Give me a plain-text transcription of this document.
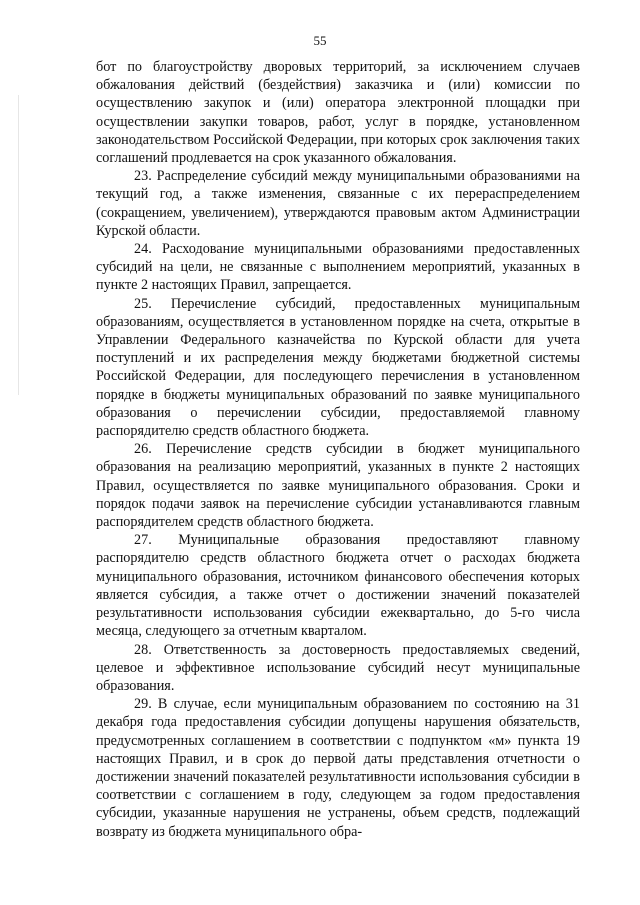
55

бот по благоустройству дворовых территорий, за исключением случаев обжалования действий (бездействия) заказчика и (или) комиссии по осуществлению закупок и (или) оператора электронной площадки при осуществлении закупки товаров, работ, услуг в порядке, установленном законодательством Российской Федерации, при которых срок заключения таких соглашений продлевается на срок указанного обжалования.

23. Распределение субсидий между муниципальными образованиями на текущий год, а также изменения, связанные с их перераспределением (сокращением, увеличением), утверждаются правовым актом Администрации Курской области.

24. Расходование муниципальными образованиями предоставленных субсидий на цели, не связанные с выполнением мероприятий, указанных в пункте 2 настоящих Правил, запрещается.

25. Перечисление субсидий, предоставленных муниципальным образованиям, осуществляется в установленном порядке на счета, открытые в Управлении Федерального казначейства по Курской области для учета поступлений и их распределения между бюджетами бюджетной системы Российской Федерации, для последующего перечисления в установленном порядке в бюджеты муниципальных образований по заявке муниципального образования о перечислении субсидии, предоставляемой главному распорядителю средств областного бюджета.

26. Перечисление средств субсидии в бюджет муниципального образования на реализацию мероприятий, указанных в пункте 2 настоящих Правил, осуществляется по заявке муниципального образования. Сроки и порядок подачи заявок на перечисление субсидии устанавливаются главным распорядителем средств областного бюджета.

27. Муниципальные образования предоставляют главному распорядителю средств областного бюджета отчет о расходах бюджета муниципального образования, источником финансового обеспечения которых является субсидия, а также отчет о достижении значений показателей результативности использования субсидии ежеквартально, до 5-го числа месяца, следующего за отчетным кварталом.

28. Ответственность за достоверность предоставляемых сведений, целевое и эффективное использование субсидий несут муниципальные образования.

29. В случае, если муниципальным образованием по состоянию на 31 декабря года предоставления субсидии допущены нарушения обязательств, предусмотренных соглашением в соответствии с подпунктом «м» пункта 19 настоящих Правил, и в срок до первой даты представления отчетности о достижении значений показателей результативности использования субсидии в соответствии с соглашением в году, следующем за годом предоставления субсидии, указанные нарушения не устранены, объем средств, подлежащий возврату из бюджета муниципального обра-
